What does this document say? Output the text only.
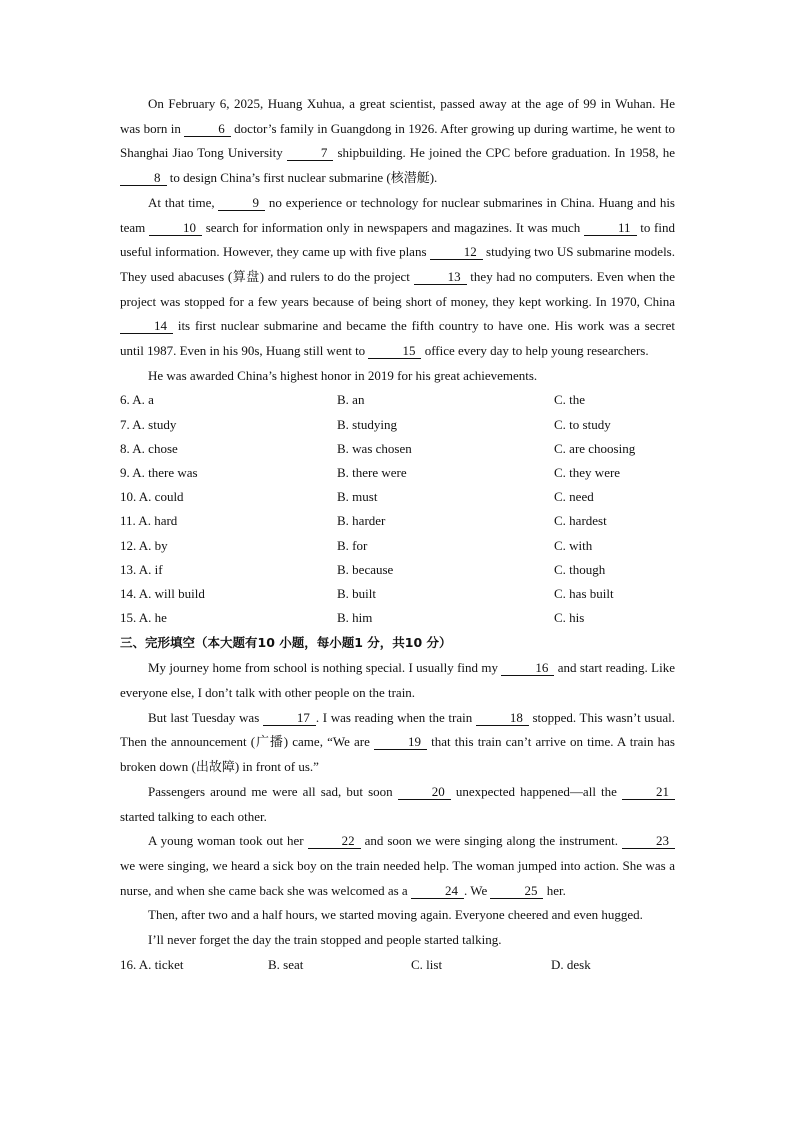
On February 6, 2025, Huang Xuhua, a great scientist, passed away at the age of 99 in Wuhan. He was born in	6 doctor’s family in Guangdong in 1926. After growing up during wartime, he went to Shanghai Jiao Tong University	7 shipbuilding. He joined the CPC before graduation. In 1958, he 8 to design China’s first nuclear submarine (核潜艇).

At that time,	9 no experience or technology for nuclear submarines in China. Huang and his team	10 search for information only in newspapers and magazines. It was much	11 to find useful information. However, they came up with five plans	12 studying two US submarine models. They used abacuses (算盘) and rulers to do the project	13 they had no computers. Even when the project was stopped for a few years because of being short of money, they kept working. In 1970, China 14 its first nuclear submarine and became the fifth country to have one. His work was a secret until 1987. Even in his 90s, Huang still went to	15 office every day to help young researchers.

He was awarded China’s highest honor in 2019 for his great achievements.

6. A. a	B. an	C. the
7. A. study	B. studying	C. to study
8. A. chose	B. was chosen	C. are choosing
9. A. there was	B. there were	C. they were
10. A. could	B. must	C. need
11. A. hard	B. harder	C. hardest
12. A. by	B. for	C. with
13. A. if	B. because	C. though
14. A. will build	B. built	C. has built
15. A. he	B. him	C. his
三、完形填空（本大题有10 小题，每小题1 分，共10 分）

My journey home from school is nothing special. I usually find my	16 and start reading. Like everyone else, I don’t talk with other people on the train.

But last Tuesday was	17 . I was reading when the train	18 stopped. This wasn’t usual. Then the announcement (广播) came, “We are	19 that this train can’t arrive on time. A train has broken down (出故障) in front of us.”

Passengers around me were all sad, but soon	20 unexpected happened—all the	21 started talking to each other.

A young woman took out her	22 and soon we were singing along the instrument.	23 we were singing, we heard a sick boy on the train needed help. The woman jumped into action. She was a nurse, and when she came back she was welcomed as a	24 . We	25 her.

Then, after two and a half hours, we started moving again. Everyone cheered and even hugged.

I’ll never forget the day the train stopped and people started talking.

16. A. ticket	B. seat	C. list	D. desk
